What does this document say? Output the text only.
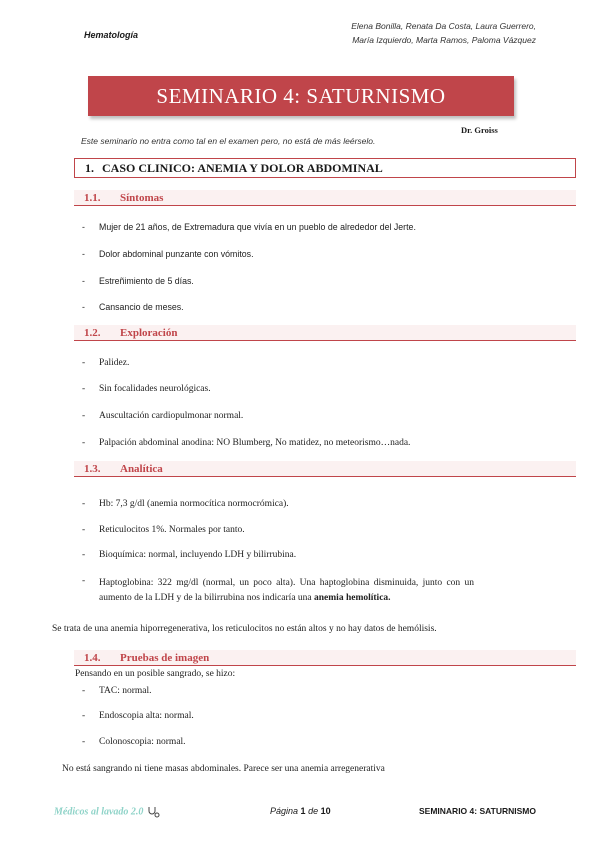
Hematología
Elena Bonilla, Renata Da Costa, Laura Guerrero,
María Izquierdo, Marta Ramos, Paloma Vázquez
SEMINARIO 4: SATURNISMO
Dr. Groiss
Este seminario no entra como tal en el examen pero, no está de más leérselo.
1. CASO CLINICO: ANEMIA Y DOLOR ABDOMINAL
1.1.	Síntomas
- Mujer de 21 años, de Extremadura que vivía en un pueblo de alrededor del Jerte.
- Dolor abdominal punzante con vómitos.
- Estreñimiento de 5 días.
- Cansancio de meses.
1.2.	Exploración
- Palidez.
- Sin focalidades neurológicas.
- Auscultación cardiopulmonar normal.
- Palpación abdominal anodina: NO Blumberg, No matidez, no meteorismo…nada.
1.3.	Analítica
- Hb: 7,3 g/dl (anemia normocítica normocrómica).
- Reticulocitos 1%. Normales por tanto.
- Bioquímica: normal, incluyendo LDH y bilirrubina.
- Haptoglobina: 322 mg/dl (normal, un poco alta). Una haptoglobina disminuida, junto con un aumento de la LDH y de la bilirrubina nos indicaría una anemia hemolítica.
Se trata de una anemia hiporregenerativa, los reticulocitos no están altos y no hay datos de hemólisis.
1.4.	Pruebas de imagen
Pensando en un posible sangrado, se hizo:
- TAC: normal.
- Endoscopia alta: normal.
- Colonoscopia: normal.
No está sangrando ni tiene masas abdominales. Parece ser una anemia arregenerativa
Médicos al lavado 2.0	Página 1 de 10	SEMINARIO 4: SATURNISMO
